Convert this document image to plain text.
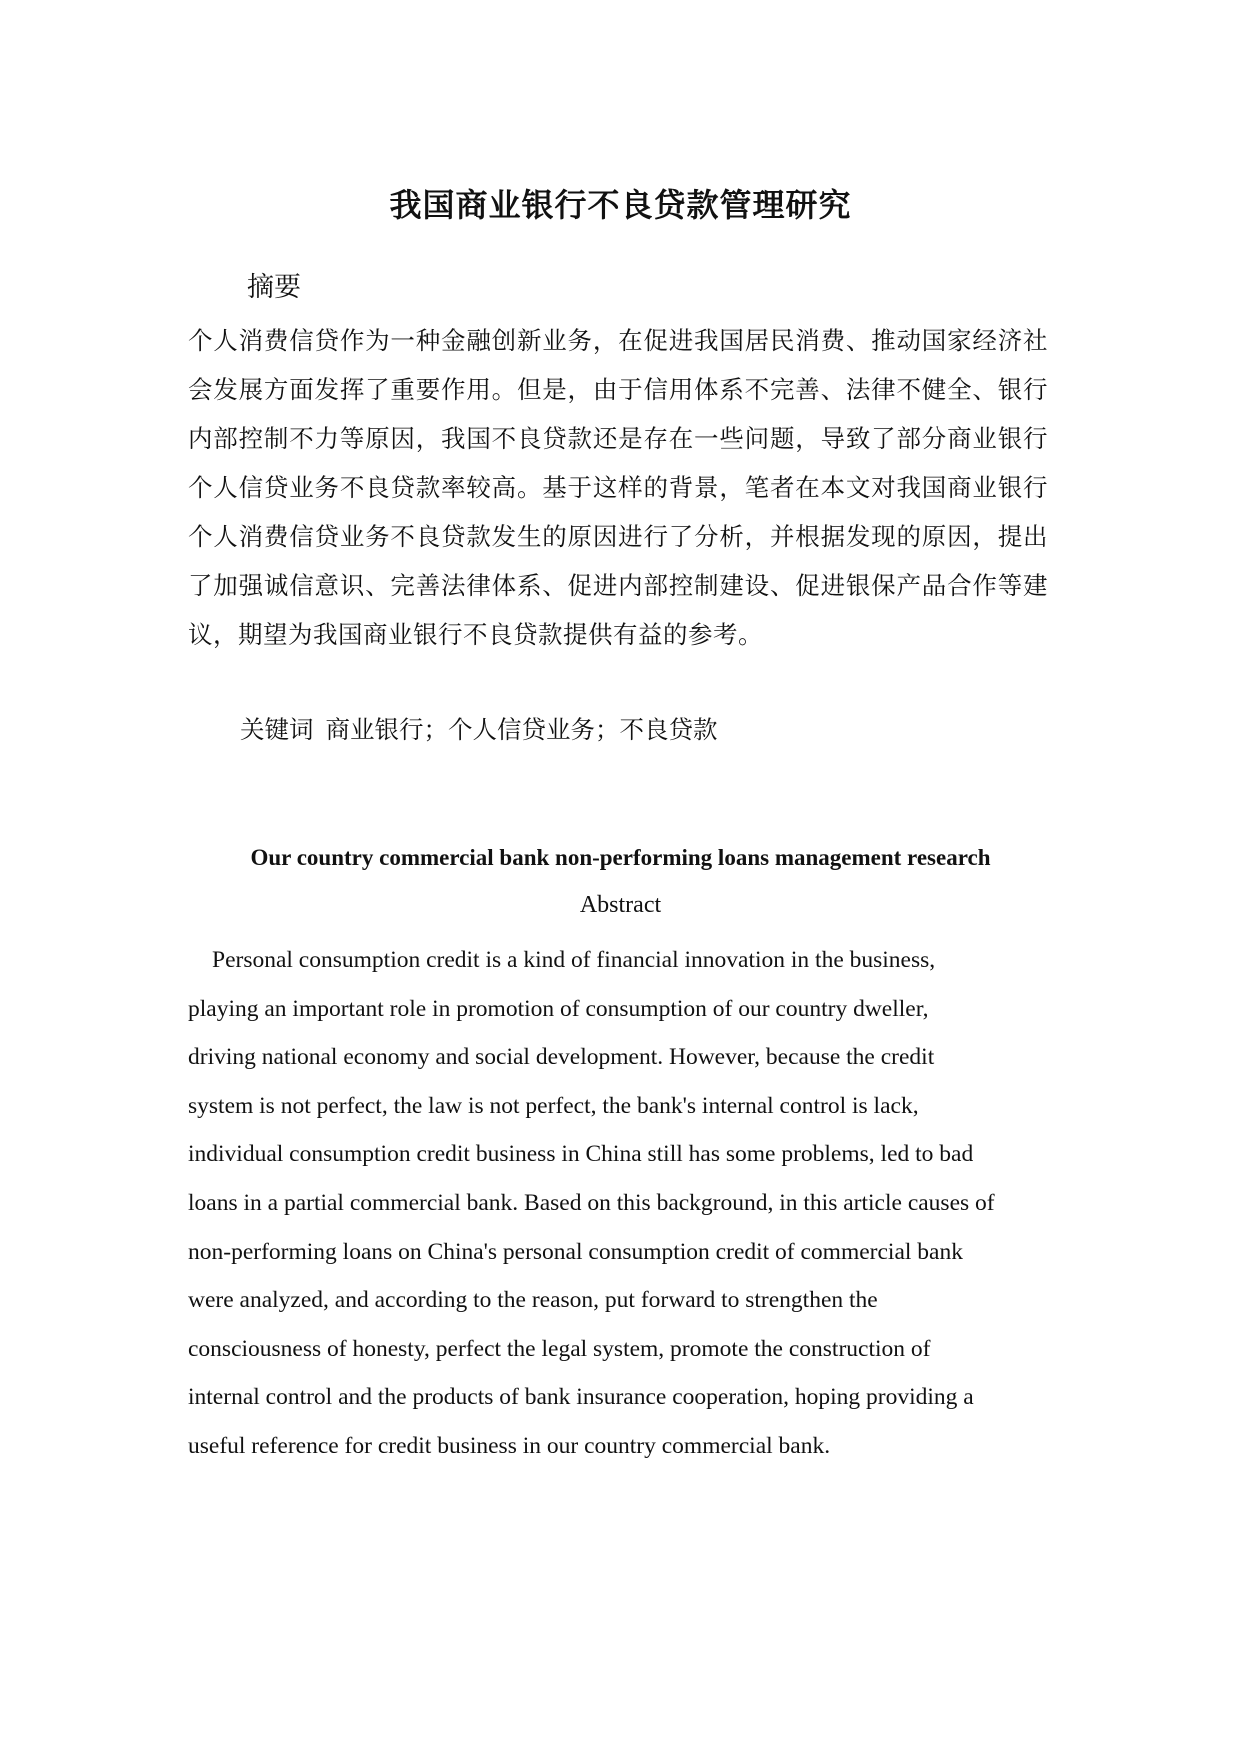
我国商业银行不良贷款管理研究
摘要
个人消费信贷作为一种金融创新业务，在促进我国居民消费、推动国家经济社会发展方面发挥了重要作用。但是，由于信用体系不完善、法律不健全、银行内部控制不力等原因，我国不良贷款还是存在一些问题，导致了部分商业银行个人信贷业务不良贷款率较高。基于这样的背景，笔者在本文对我国商业银行个人消费信贷业务不良贷款发生的原因进行了分析，并根据发现的原因，提出了加强诚信意识、完善法律体系、促进内部控制建设、促进银保产品合作等建议，期望为我国商业银行不良贷款提供有益的参考。
关键词 商业银行；个人信贷业务；不良贷款
Our country commercial bank non-performing loans management research
Abstract
Personal consumption credit is a kind of financial innovation in the business,
playing an important role in promotion of consumption of our country dweller,
driving national economy and social development. However, because the credit
system is not perfect, the law is not perfect, the bank's internal control is lack,
individual consumption credit business in China still has some problems, led to bad
loans in a partial commercial bank. Based on this background, in this article causes of
non-performing loans on China's personal consumption credit of commercial bank
were analyzed, and according to the reason, put forward to strengthen the
consciousness of honesty, perfect the legal system, promote the construction of
internal control and the products of bank insurance cooperation, hoping providing a
useful reference for credit business in our country commercial bank.
